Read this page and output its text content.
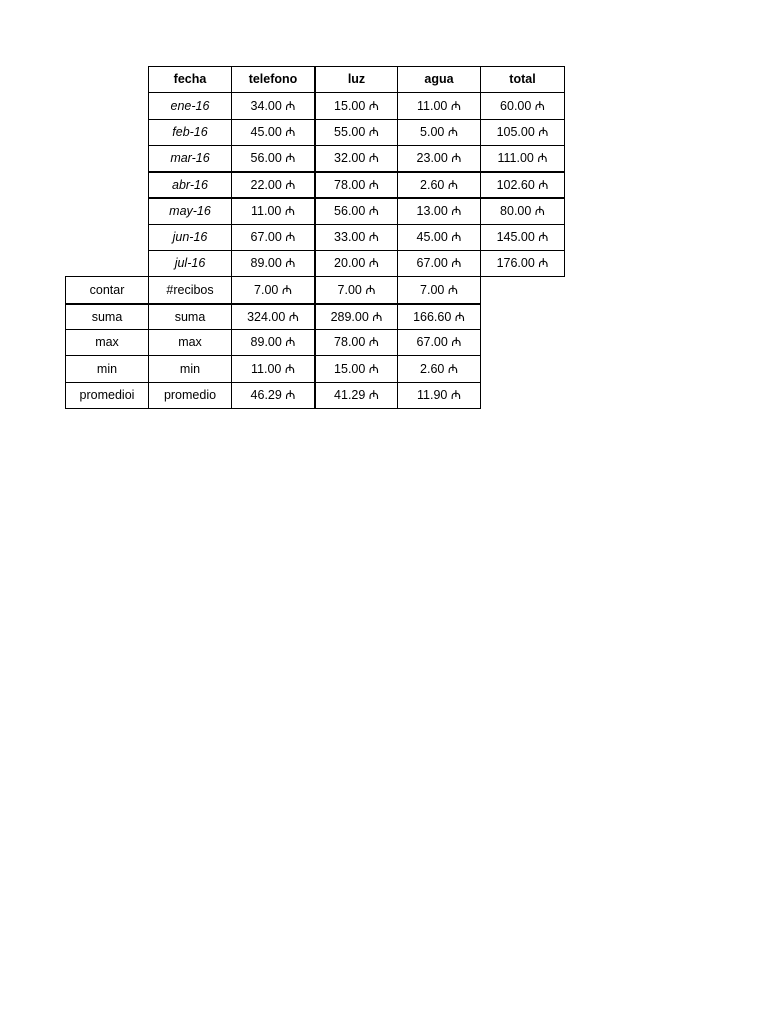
fecha	telefono	luz	agua	total
ene-16	34.00 ₼	15.00 ₼	11.00 ₼	60.00 ₼
feb-16	45.00 ₼	55.00 ₼	5.00 ₼	105.00 ₼
mar-16	56.00 ₼	32.00 ₼	23.00 ₼	111.00 ₼
abr-16	22.00 ₼	78.00 ₼	2.60 ₼	102.60 ₼
may-16	11.00 ₼	56.00 ₼	13.00 ₼	80.00 ₼
jun-16	67.00 ₼	33.00 ₼	45.00 ₼	145.00 ₼
jul-16	89.00 ₼	20.00 ₼	67.00 ₼	176.00 ₼
contar	#recibos	7.00 ₼	7.00 ₼	7.00 ₼
suma	suma	324.00 ₼	289.00 ₼	166.60 ₼
max	max	89.00 ₼	78.00 ₼	67.00 ₼
min	min	11.00 ₼	15.00 ₼	2.60 ₼
promedioi	promedio	46.29 ₼	41.29 ₼	11.90 ₼
